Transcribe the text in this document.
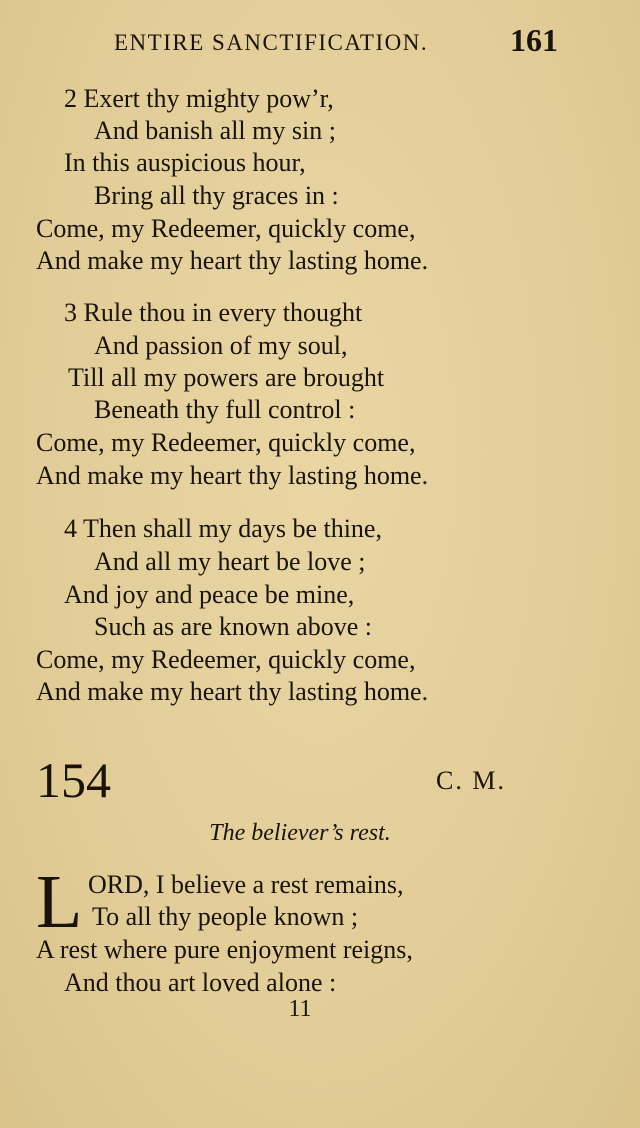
ENTIRE SANCTIFICATION.	161
2 Exert thy mighty pow’r,
And banish all my sin ;
In this auspicious hour,
Bring all thy graces in :
Come, my Redeemer, quickly come,
And make my heart thy lasting home.
3 Rule thou in every thought
And passion of my soul,
Till all my powers are brought
Beneath thy full control :
Come, my Redeemer, quickly come,
And make my heart thy lasting home.
4 Then shall my days be thine,
And all my heart be love ;
And joy and peace be mine,
Such as are known above :
Come, my Redeemer, quickly come,
And make my heart thy lasting home.
154	C. M.
The believer’s rest.
L ORD, I believe a rest remains,
To all thy people known ;
A rest where pure enjoyment reigns,
And thou art loved alone :
11
